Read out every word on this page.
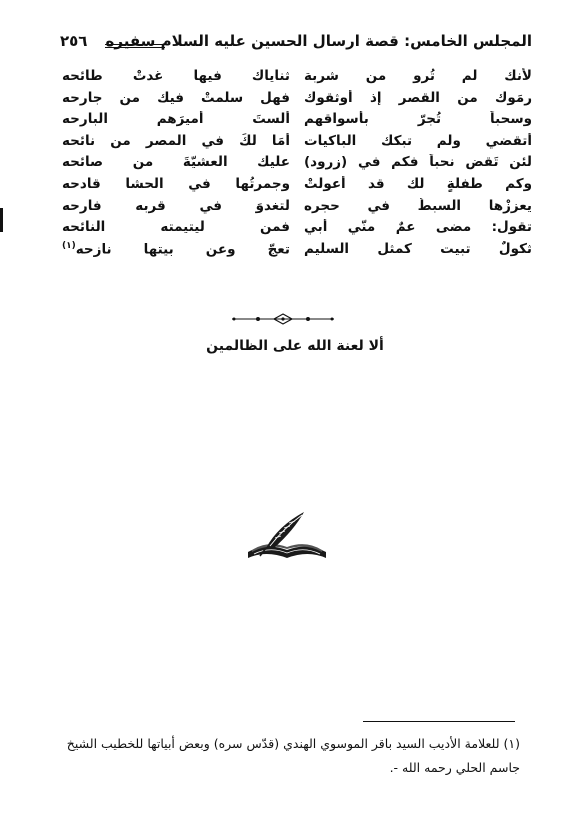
المجلس الخامس: قصة ارسال الحسين عليه السلام سفيره
٢٥٦
لأنك لم تُرو من شربة
ثناياك فيها غدتْ طائحه
رمَوك من القصر إذ أوثقوك
فهل سلمتْ فيك من جارحه
وسحباً تُجرّ بأسواقهم
ألستَ أميرَهم البارحه
أتقضي ولم تبكك الباكيات
أمَا لكَ في المصر من نائحه
لئن تَقض نحباً فكم في (زرود)
عليك العشيّةَ من صائحه
وكم طفلةٍ لك قد أعولتْ
وجمرتُها في الحشا قادحه
يعززْها السبطُ في حجره
لتغدوَ في قربه فارحه
تقول: مضى عمٌ منّي أبي
فمن ليتيمته النائحه
ثكولٌ تبيت كمثل السليم
تعجّ وعن بيتها نازحه$^{(١)}$
ألا لعنة الله على الظالمين
(١) للعلامة الأديب السيد باقر الموسوي الهندي (قدّس سره) وبعض أبياتها للخطيب الشيخ جاسم الحلي رحمه الله -.
